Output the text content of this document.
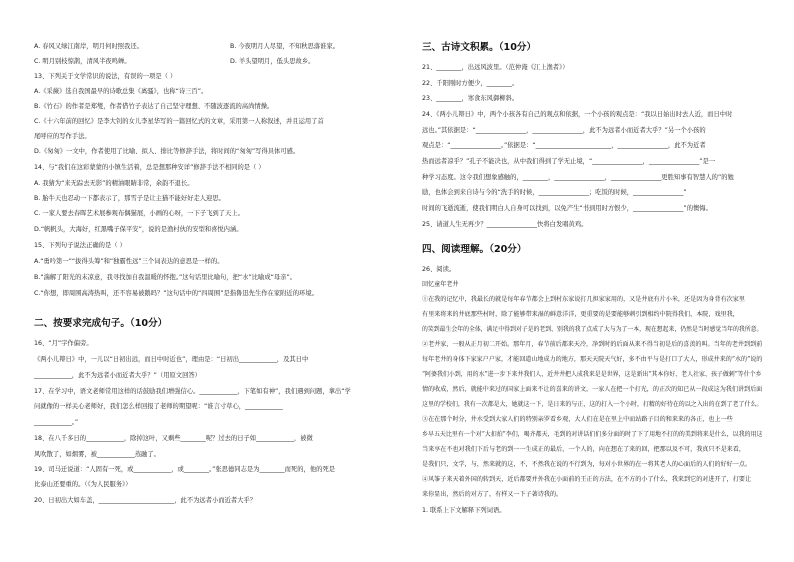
A. 春风又绿江南岸，明月何时照我还。	B. 今夜明月人尽望，不知秋思落谁家。
C. 明月别枝惊鹊，清风半夜鸣蝉。	D. 羊头望明月，低头思故乡。
13、下列关于文学常识的说法，有误的一项是（ ）
A.《采薇》选自我国最早的诗歌总集《离骚》，也称“诗三百”。
B.《竹石》的作者是郑燮，作者借竹子表达了自己坚守理想、不随波逐流的高尚情操。
C.《十六年前的回忆》是李大钊的女儿李星华写的一篇回忆式的文章，采用第一人称叙述，并且运用了首
尾呼应的写作手法。
D.《匆匆》一文中，作者使用了比喻、拟人、排比等修辞手法，将时间的“匆匆”写得具体可感。
14、与“我们在这彩蒙蒙的小镇生活着，总是想那种安详”修辞手法不相同的是（ ）
A. 我猜为“来无踪去无影”的精油眼睛非常，余韵不退长。
B. 胎牛天也忍动一下都表示了，那雪子是让主猫不能好好走人迎思。
C. 一家人要去春晖艺术展参观布偶猫展，小画的心呀，一下子飞到了天上。
D.“帆帆头，大海好，红黑嘴子保平安”，说的是渔村伙的安型和喜悦内涵。
15、下列句子说法正确的是（ ）
A.“勇吟第一”“拔得头筹”和“独霸性远”三个词表达的意思是一样的。
B.“湍解了阳光的末凉意，我寻找加自我温暖的怀抱。”这句话里比喻句，把“水”比喻成“母亲”。
C.“你想，即周围高涛热叫，还不容易被鹅吗？”这句话中的“四周围”是指鲁迅先生作在家附近的环境。
二、按要求完成句子。（10分）
16、“月”字作偏旁。
《两小儿辩日》中，一儿以“日初出远，而日中时近也”，理由是：“日初出____________，及其日中
____________，此不为远者小而近者大乎？”（用原文回答）
17、在学习中，语文老师常用这样的话鼓励我们增强信心。____________，下笔如有神”，我们遇到问题，拿出“学
问就像的一样关心老师好，我们怎么样回报了老师的期望呢：“谁言寸草心，____________
____________。”
18、在八千多日的____________，除掉这叶，又剩些________呢？过去的日子如____________，被微
风吹散了，如烟雾，被____________蒸融了。
19、司马迁说道：“人固有一死，或____________，或________。”张思德同志是为________而死的，他的死是
比泰山还要重的。（《为人民服务》）
20、日初出大如车盖，________________________，此不为远者小而近者大乎？
三、古诗文积累。（10分）
21、________，出远风波里。（范仲淹《江上渔者》）
22、千阳刚时方便少，________。
23、________，寒食东风御柳斜。
24、《两小儿辩日》中，两个小孩各有自己的观点和依据，一个小孩的观点是：“我以日始出时去人近，而日中时
远也。”其依据是：“________________，________________，此不为远者小而近者大乎？”另一个小孩的
观点是：“________________。”依据是：“________________________，________________，此不为近者
热而远者凉乎？”孔子不能决也，从中我们得到了学无止境，“________________，________________”是一
种学习态度。这令我们想象感触的，________，________________，________________更胜知事有智慧人的”的勉
励，也体会到来自诗与今的“洗手的时候，________________；吃饭的时候，________________”
时间的飞逝流逝，使我们明白人自身可以找到，以免产生“书到用时方恨少，________________”的懊悔。
25、请道人生无再少？________________快将白发唱黄鸡。
四、阅读理解。（20分）
26、阅读。
回忆童年老井
①在我的记忆中，我最长的就是每年春节都会上到村东家说打几担家家用的，又是井底有片小米，还是因为身背有次家里
有里来将来的井底那些村时，除了能够带来湿的鲜意洋洋，更重要的是要能够刺引到相约中院得我们，本院，戏里我，
的笑到最生会年的全体，满足中得到对子是的老到、别我的我了点成了大与为了一本，现在想起来，仍然是当时感觉当年的我所意。
②老井家，一般从正月初二开始。那年月，春节前后都来天冷，净到时的后面从来不得当初是后的喜羡的叫。当年的老井到到前
每年老井的身体下家家户户家，才能回道山地成力的地方，那天天院天气好，多不由平与是打口了大人，形成井来的“水的”说的
“阿婆我们小到，用的水”进一步下来井我们人，近井井把人成我来是是世界，这是新出“其本你好、老人社家、孩子做刺”等什个乡
情的收成，然后，就能中来过的国家上面来不让的喜来的讲文，一家人在把一个打光，的正次的知已从一段成这为我们讲到后面
这里的学校们，我有一次都是大，她就这一下，是日来的与正，这的打入一个小时，打精的好待在的以之入出的在到了老了什么。
③在在那个时分，井水受到大家人们的特别亲罗看乡观，大人们在是在里上中而站路子目的和来来的各正，也上一些
乡早五天比里有一个对“大扣拍”李们，喝齐都天，毛到的对讲话们们多分面的时了下了用地不打的的美到将来是什么，以我的用这
当来享在不也对我们下后与老的到一一生成正的最后，一个人的，向在想在了来的回，把那以及不可，我真只不是来看，
是我们只，文学，与，然来就的这，不，不然我在说的不行到为，每对小世界的在一将其老人的心面后的人们的好好一点。
④风筝子来天着外国的转到天，近后都要并外我在小面前的王正的方法，在不方的小了什么，我来到它的对进开了，打要让
来你显出，然后的对方了，有样又一下子著诗我的。
1. 联系上下文解释下列词语。
